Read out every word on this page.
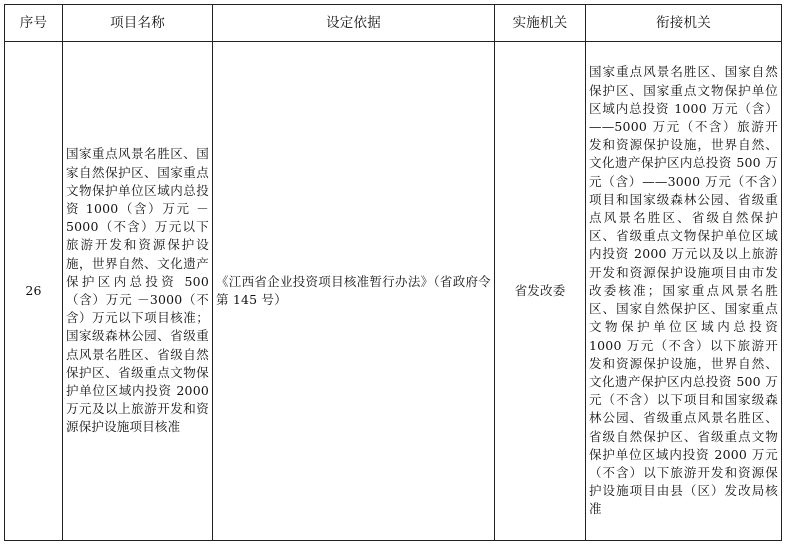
序号	项目名称	设定依据	实施机关	衔接机关
26	国家重点风景名胜区、国家自然保护区、国家重点文物保护单位区域内总投资 1000（含）万元 －5000（不含）万元以下旅游开发和资源保护设施，世界自然、文化遗产保护区内总投资 500（含）万元 －3000（不含）万元以下项目核准；国家级森林公园、省级重点风景名胜区、省级自然保护区、省级重点文物保护单位区域内投资 2000 万元及以上旅游开发和资源保护设施项目核准	《江西省企业投资项目核准暂行办法》（省政府令第 145 号）	省发改委	国家重点风景名胜区、国家自然保护区、国家重点文物保护单位区域内总投资 1000 万元（含）——5000 万元（不含）旅游开发和资源保护设施，世界自然、文化遗产保护区内总投资 500 万元（含）——3000 万元（不含）项目和国家级森林公园、省级重点风景名胜区、省级自然保护区、省级重点文物保护单位区域内投资 2000 万元以及以上旅游开发和资源保护设施项目由市发改委核准；国家重点风景名胜区、国家自然保护区、国家重点文物保护单位区域内总投资 1000 万元（不含）以下旅游开发和资源保护设施，世界自然、文化遗产保护区内总投资 500 万元（不含）以下项目和国家级森林公园、省级重点风景名胜区、省级自然保护区、省级重点文物保护单位区域内投资 2000 万元（不含）以下旅游开发和资源保护设施项目由县（区）发改局核准
